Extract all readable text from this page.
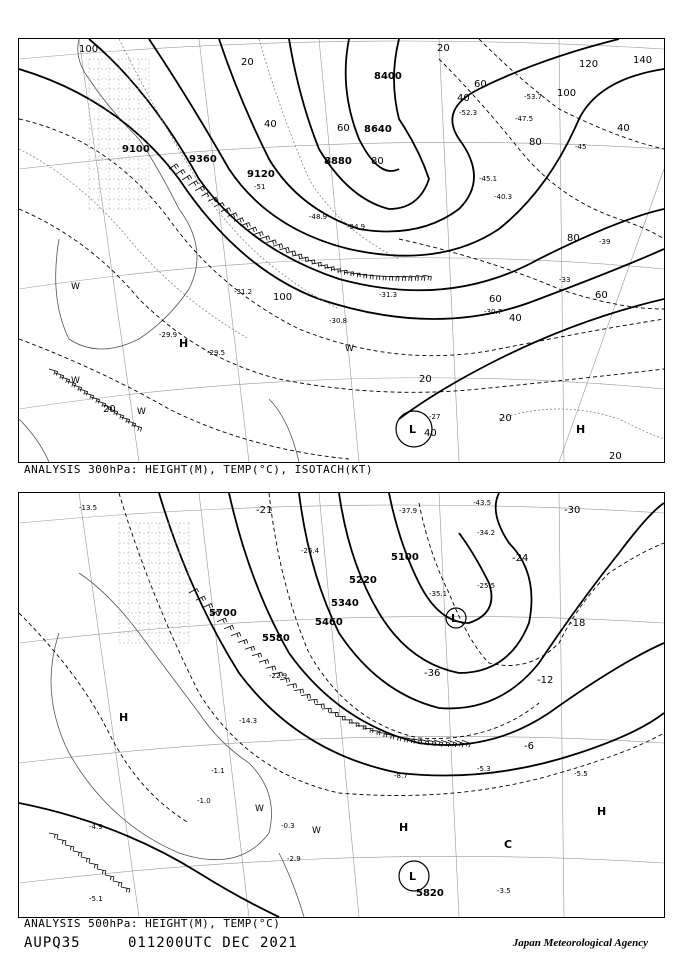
9100
9360
9120
8400
8640
8880
100
20
40	60
80
100
120	140
40
60
80
100
40
60
80
20
20
40
20
20
20
40
60
-51
-48.9
-31.3
-29.5
-29.9
-30.7
-30.8
-31.2
-34.9
-53.7
-52.3
-47.5
-45
-39
-33
-27
-45.1
-40.3
H
H
L
W
W
W
W
ANALYSIS 300hPa: HEIGHT(M), TEMP(°C), ISOTACH(KT)
5700
5580
5460
5340
5220
5100
5820
-36
-24
-18
-12
-6
-30
-21
-43.5
-37.9
-34.2
-25.5
-22.9
-14.3
-8.7
-5.3
-5.5
-3.5
-1.0
-1.1
-2.9
-4.9
-5.1
-0.3
-13.5
-26.4
-35.1
H
H
H
L
L
C
W
W
ANALYSIS 500hPa: HEIGHT(M), TEMP(°C)
AUPQ35	011200UTC DEC 2021	Japan Meteorological Agency
